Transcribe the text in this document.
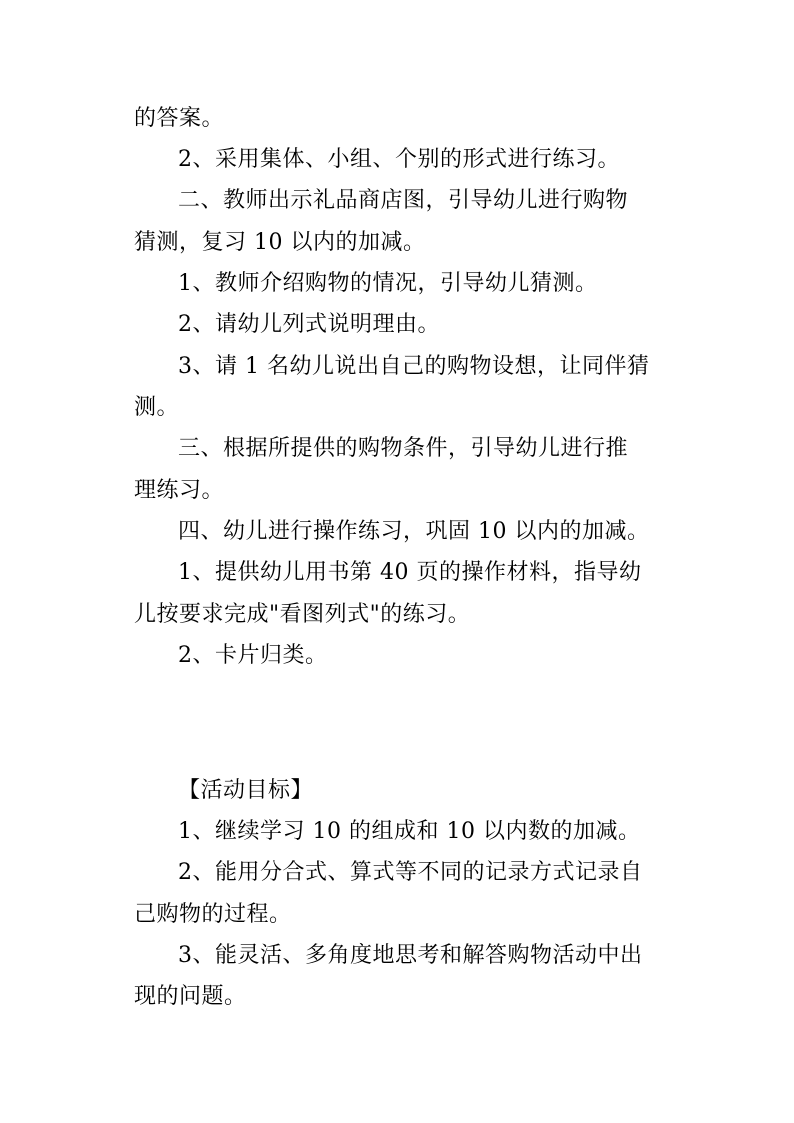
的答案。
2、采用集体、小组、个别的形式进行练习。
二、教师出示礼品商店图，引导幼儿进行购物
猜测，复习 10 以内的加减。
1、教师介绍购物的情况，引导幼儿猜测。
2、请幼儿列式说明理由。
3、请 1 名幼儿说出自己的购物设想，让同伴猜
测。
三、根据所提供的购物条件，引导幼儿进行推
理练习。
四、幼儿进行操作练习，巩固 10 以内的加减。
1、提供幼儿用书第 40 页的操作材料，指导幼
儿按要求完成"看图列式"的练习。
2、卡片归类。
【活动目标】
1、继续学习 10 的组成和 10 以内数的加减。
2、能用分合式、算式等不同的记录方式记录自
己购物的过程。
3、能灵活、多角度地思考和解答购物活动中出
现的问题。
